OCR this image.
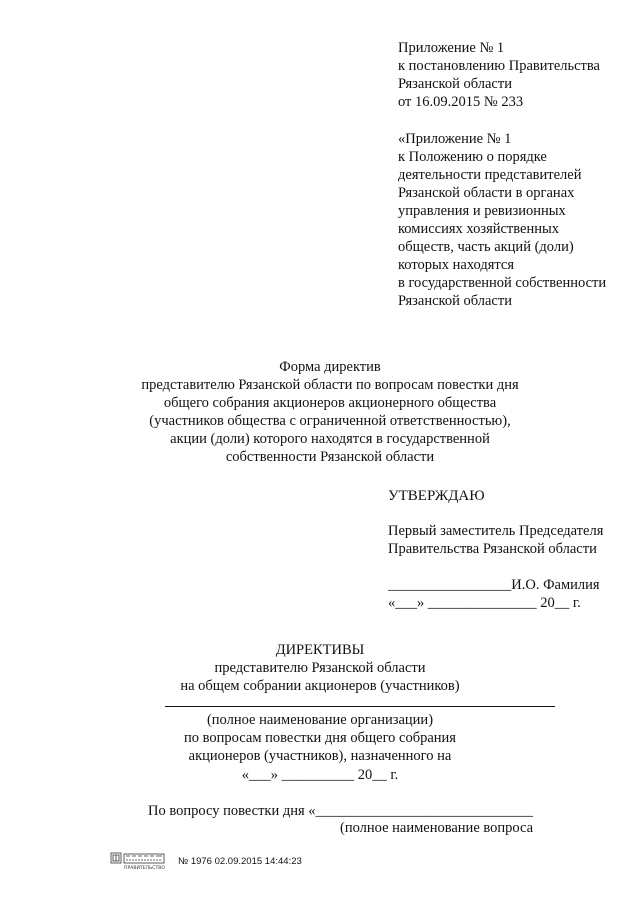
Приложение № 1
к постановлению Правительства
Рязанской области
от 16.09.2015 № 233
«Приложение № 1
к Положению о порядке
деятельности представителей
Рязанской области в органах
управления и ревизионных
комиссиях хозяйственных
обществ, часть акций (доли)
которых находятся
в государственной собственности
Рязанской области
Форма директив
представителю Рязанской области по вопросам повестки дня
общего собрания акционеров акционерного общества
(участников общества с ограниченной ответственностью),
акции (доли) которого находятся в государственной
собственности Рязанской области
УТВЕРЖДАЮ
Первый заместитель Председателя
Правительства Рязанской области
_________________И.О. Фамилия
«___» _______________ 20__ г.
ДИРЕКТИВЫ
представителю Рязанской области
на общем собрании акционеров (участников)
(полное наименование организации)
по вопросам повестки дня общего собрания
акционеров (участников), назначенного на
«___» __________ 20__ г.
По вопросу повестки дня «______________________________
(полное наименование вопроса
ПРАВИТЕЛЬСТВО
№ 1976 02.09.2015 14:44:23
